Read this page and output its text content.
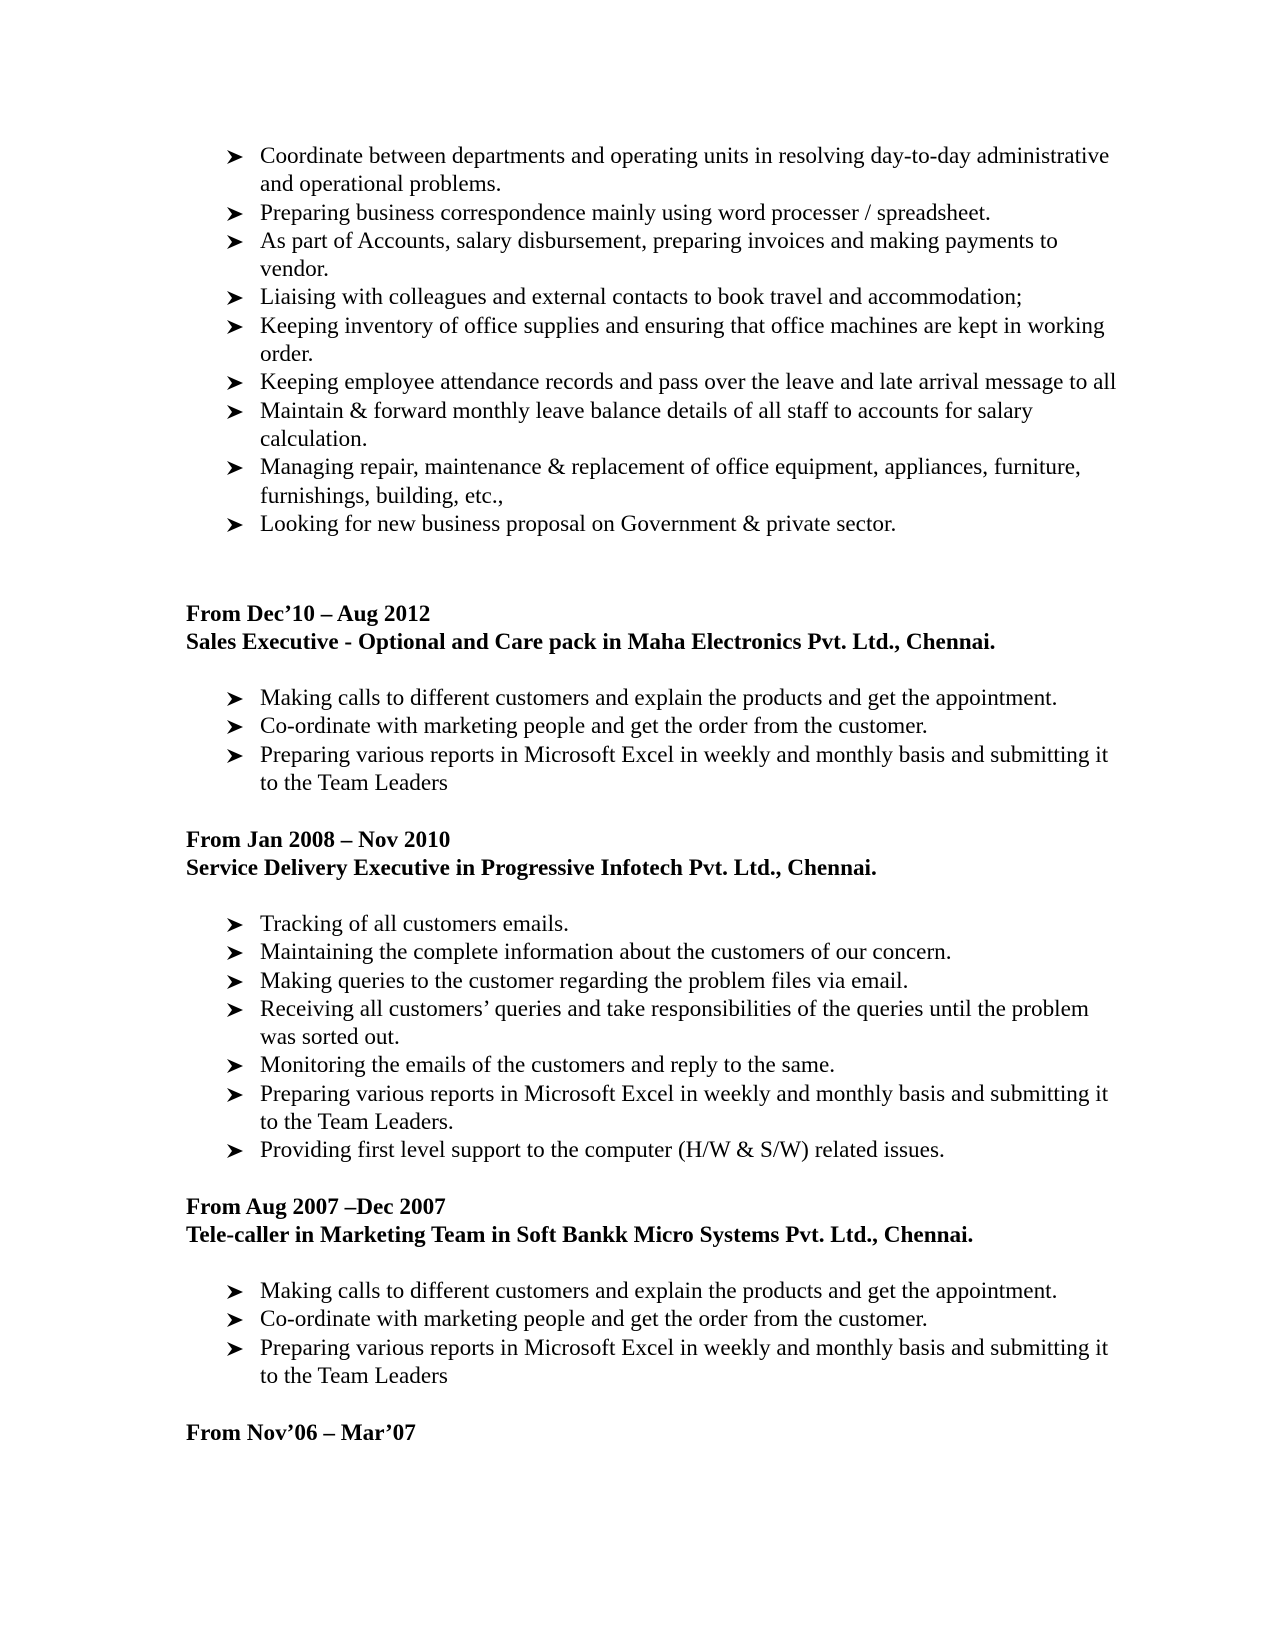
Coordinate between departments and operating units in resolving day-to-day administrative and operational problems.
Preparing business correspondence mainly using word processer / spreadsheet.
As part of Accounts, salary disbursement, preparing invoices and making payments to vendor.
Liaising with colleagues and external contacts to book travel and accommodation;
Keeping inventory of office supplies and ensuring that office machines are kept in working order.
Keeping employee attendance records and pass over the leave and late arrival message to all
Maintain & forward monthly leave balance details of all staff to accounts for salary calculation.
Managing repair, maintenance & replacement of office equipment, appliances, furniture, furnishings, building, etc.,
Looking for new business proposal on Government & private sector.

From Dec’10 – Aug 2012

Sales Executive - Optional and Care pack in Maha Electronics Pvt. Ltd., Chennai.

Making calls to different customers and explain the products and get the appointment.
Co-ordinate with marketing people and get the order from the customer.
Preparing various reports in Microsoft Excel in weekly and monthly basis and submitting it to the Team Leaders

From Jan 2008 – Nov 2010

Service Delivery Executive in Progressive Infotech Pvt. Ltd., Chennai.

Tracking of all customers emails.
Maintaining the complete information about the customers of our concern.
Making queries to the customer regarding the problem files via email.
Receiving all customers’ queries and take responsibilities of the queries until the problem was sorted out.
Monitoring the emails of the customers and reply to the same.
Preparing various reports in Microsoft Excel in weekly and monthly basis and submitting it to the Team Leaders.
Providing first level support to the computer (H/W & S/W) related issues.

From Aug 2007 –Dec 2007

Tele-caller in Marketing Team in Soft Bankk Micro Systems Pvt. Ltd., Chennai.

Making calls to different customers and explain the products and get the appointment.
Co-ordinate with marketing people and get the order from the customer.
Preparing various reports in Microsoft Excel in weekly and monthly basis and submitting it to the Team Leaders

From Nov’06 – Mar’07
